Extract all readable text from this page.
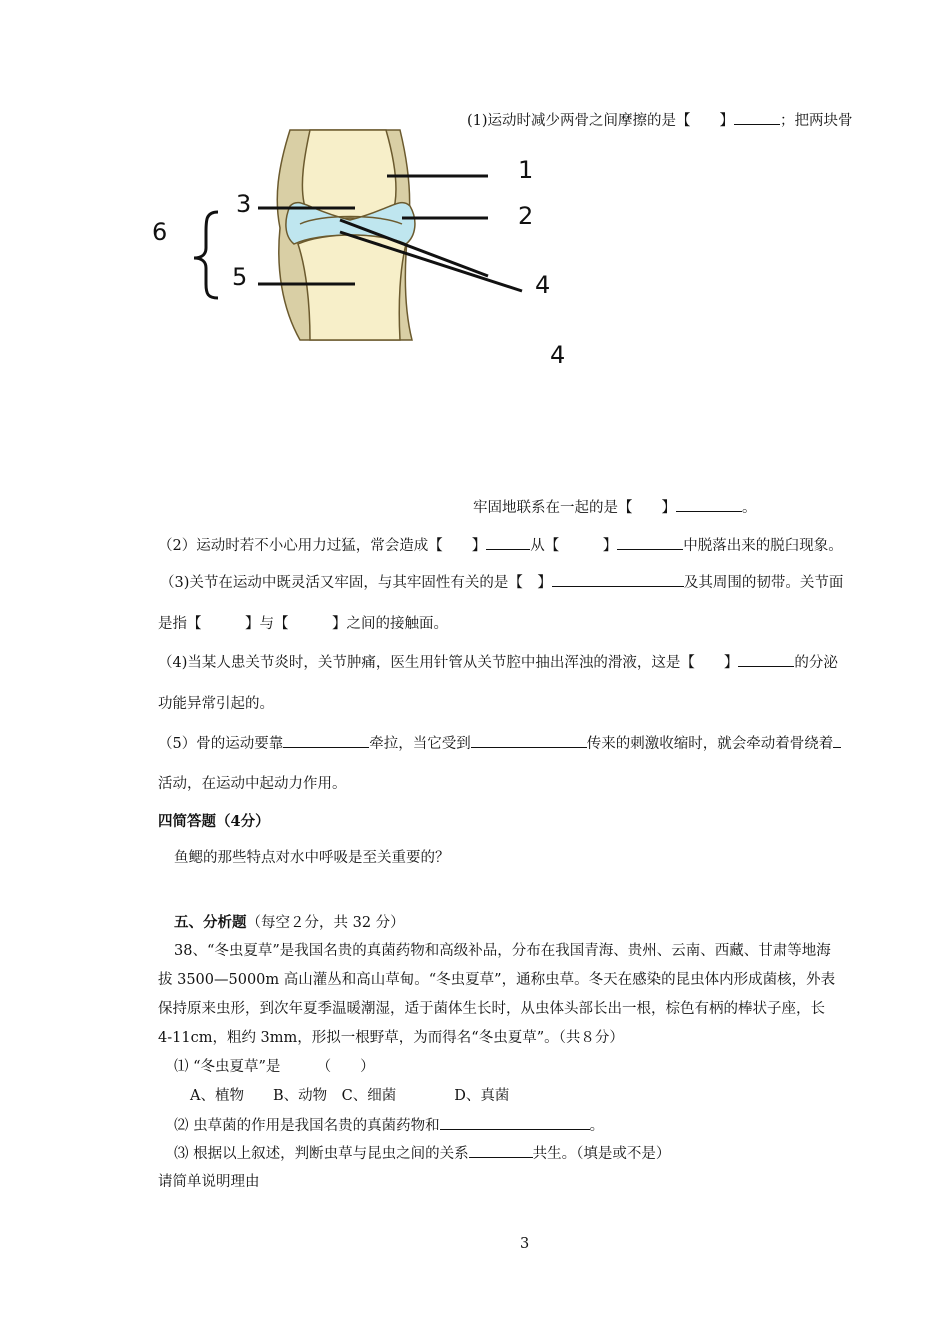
(1)运动时减少两骨之间摩擦的是【　　】	；把两块骨
1
2
3
4
5
6
4
牢固地联系在一起的是【　　】	。
（2）运动时若不小心用力过猛，常会造成【　　】	从【　　　】	中脱落出来的脱臼现象。
（3)关节在运动中既灵活又牢固，与其牢固性有关的是【　】	及其周围的韧带。关节面
是指【　　　】与【　　　】之间的接触面。
（4)当某人患关节炎时，关节肿痛，医生用针管从关节腔中抽出浑浊的滑液，这是【　　】	的分泌
功能异常引起的。
（5）骨的运动要靠	牵拉，当它受到	传来的刺激收缩时，就会牵动着骨绕着
活动，在运动中起动力作用。
四简答题（4分）
鱼鳃的那些特点对水中呼吸是至关重要的？
五、分析题（每空２分，共 32 分）
38、“冬虫夏草”是我国名贵的真菌药物和高级补品，分布在我国青海、贵州、云南、西藏、甘肃等地海
拔 3500—5000m 高山灌丛和高山草甸。“冬虫夏草”，通称虫草。冬天在感染的昆虫体内形成菌核，外表
保持原来虫形，到次年夏季温暖潮湿，适于菌体生长时，从虫体头部长出一根，棕色有柄的棒状子座，长
4-11cm，粗约 3mm，形拟一根野草，为而得名“冬虫夏草”。（共８分）
⑴ “冬虫夏草”是　　　（　　）
A、植物　　B、动物　C、细菌　　　　D、真菌
⑵ 虫草菌的作用是我国名贵的真菌药物和	。
⑶ 根据以上叙述，判断虫草与昆虫之间的关系	共生。（填是或不是）
请简单说明理由
3
